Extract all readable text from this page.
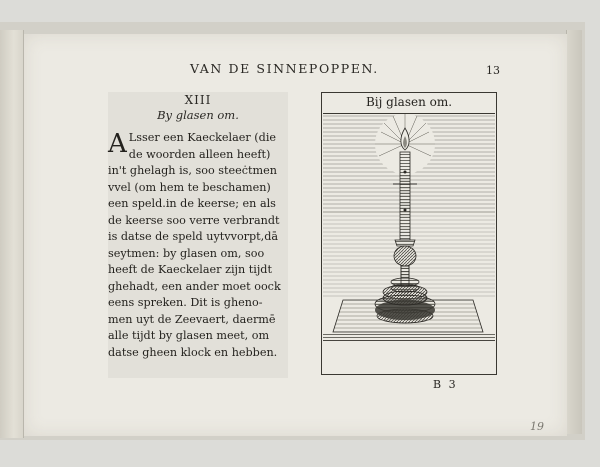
VAN DE SINNEPOPPEN.	13
XIII
By glasen om.
A Lsser een Kaeckelaer (die
de woorden alleen heeft)
in't ghelagh is, soo steeċtmen
vvel (om hem te beschamen)
een speld.in de keerse; en als
de keerse soo verre verbrandt
is datse de speld uytvvorpt,dā
seytmen: by glasen om, soo
heeft de Kaeckelaer zijn tijdt
ghehadt, een ander moet oock
eens spreken. Dit is gheno-
men uyt de Zeevaert, daermē
alle tijdt by glasen meet, om
datse gheen klock en hebben.
Bij glasen om.
B 3
19
